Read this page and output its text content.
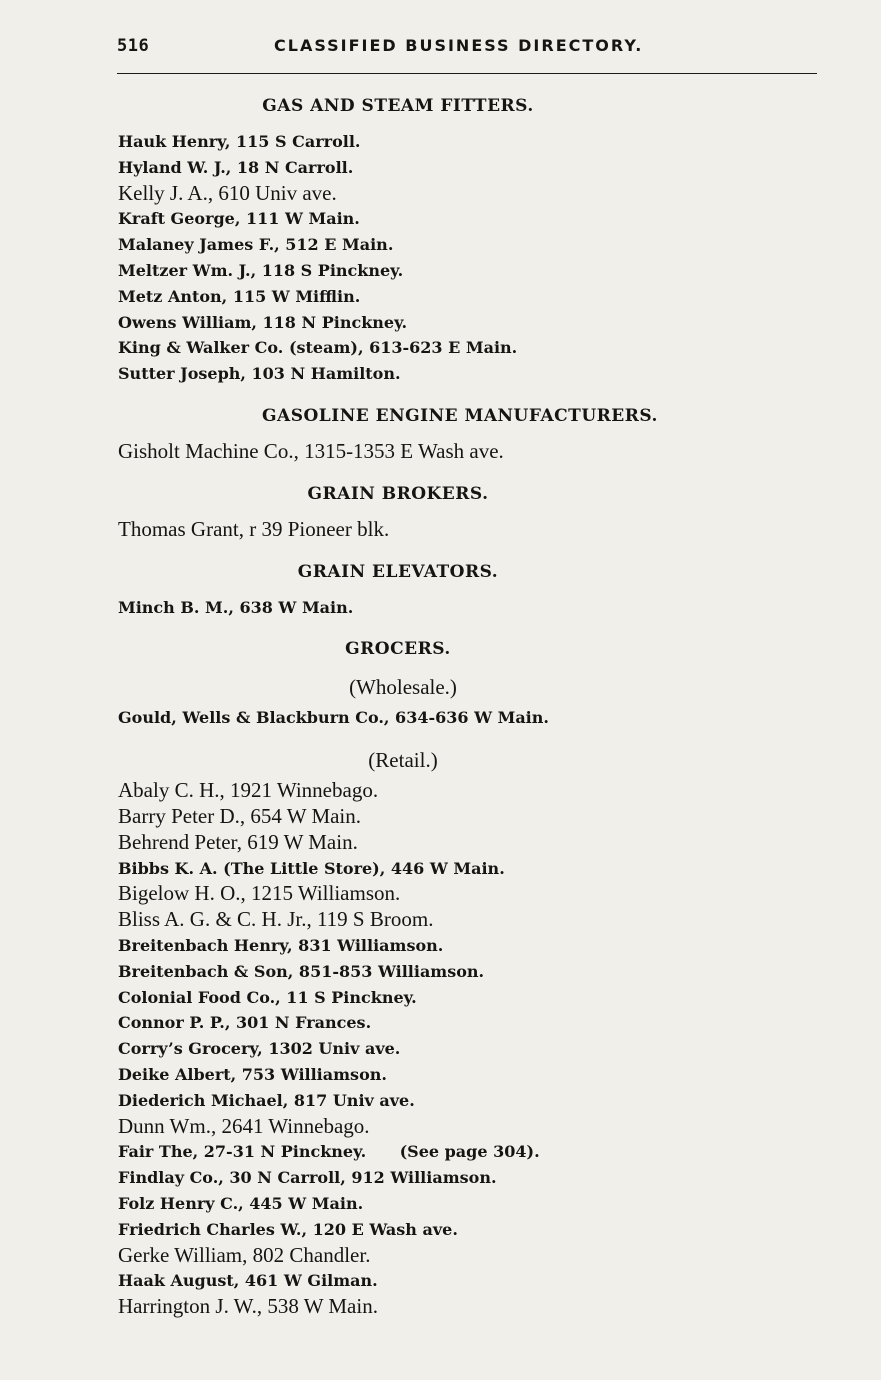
516	CLASSIFIED BUSINESS DIRECTORY.
GAS AND STEAM FITTERS.
Hauk Henry, 115 S Carroll.
Hyland W. J., 18 N Carroll.
Kelly J. A., 610 Univ ave.
Kraft George, 111 W Main.
Malaney James F., 512 E Main.
Meltzer Wm. J., 118 S Pinckney.
Metz Anton, 115 W Mifflin.
Owens William, 118 N Pinckney.
King & Walker Co. (steam), 613-623 E Main.
Sutter Joseph, 103 N Hamilton.
GASOLINE ENGINE MANUFACTURERS.
Gisholt Machine Co., 1315-1353 E Wash ave.
GRAIN BROKERS.
Thomas Grant, r 39 Pioneer blk.
GRAIN ELEVATORS.
Minch B. M., 638 W Main.
GROCERS.
(Wholesale.)
Gould, Wells & Blackburn Co., 634-636 W Main.
(Retail.)
Abaly C. H., 1921 Winnebago.
Barry Peter D., 654 W Main.
Behrend Peter, 619 W Main.
Bibbs K. A. (The Little Store), 446 W Main.
Bigelow H. O., 1215 Williamson.
Bliss A. G. & C. H. Jr., 119 S Broom.
Breitenbach Henry, 831 Williamson.
Breitenbach & Son, 851-853 Williamson.
Colonial Food Co., 11 S Pinckney.
Connor P. P., 301 N Frances.
Corry’s Grocery, 1302 Univ ave.
Deike Albert, 753 Williamson.
Diederich Michael, 817 Univ ave.
Dunn Wm., 2641 Winnebago.
Fair The, 27-31 N Pinckney.      (See page 304).
Findlay Co., 30 N Carroll, 912 Williamson.
Folz Henry C., 445 W Main.
Friedrich Charles W., 120 E Wash ave.
Gerke William, 802 Chandler.
Haak August, 461 W Gilman.
Harrington J. W., 538 W Main.
